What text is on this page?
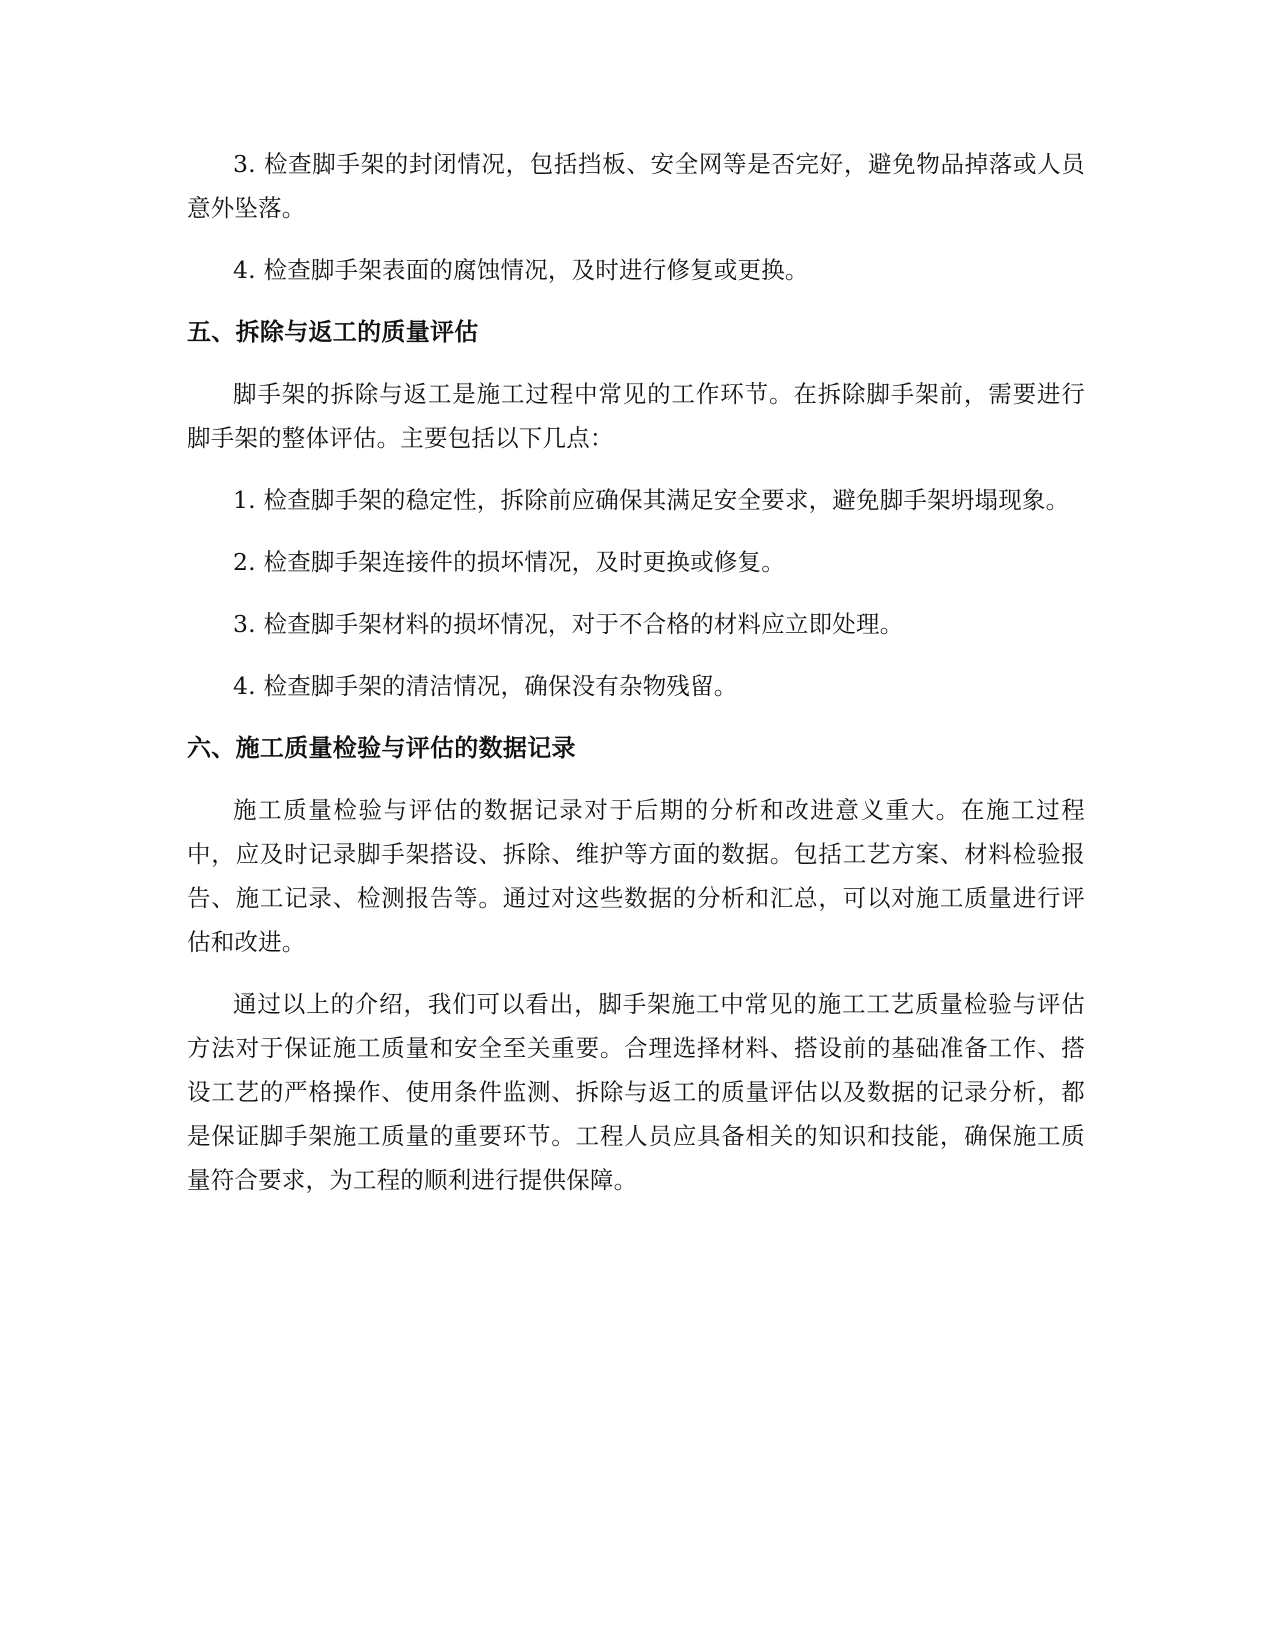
3. 检查脚手架的封闭情况，包括挡板、安全网等是否完好，避免物品掉落或人员意外坠落。

4. 检查脚手架表面的腐蚀情况，及时进行修复或更换。

五、拆除与返工的质量评估

脚手架的拆除与返工是施工过程中常见的工作环节。在拆除脚手架前，需要进行脚手架的整体评估。主要包括以下几点：

1. 检查脚手架的稳定性，拆除前应确保其满足安全要求，避免脚手架坍塌现象。

2. 检查脚手架连接件的损坏情况，及时更换或修复。

3. 检查脚手架材料的损坏情况，对于不合格的材料应立即处理。

4. 检查脚手架的清洁情况，确保没有杂物残留。

六、施工质量检验与评估的数据记录

施工质量检验与评估的数据记录对于后期的分析和改进意义重大。在施工过程中，应及时记录脚手架搭设、拆除、维护等方面的数据。包括工艺方案、材料检验报告、施工记录、检测报告等。通过对这些数据的分析和汇总，可以对施工质量进行评估和改进。

通过以上的介绍，我们可以看出，脚手架施工中常见的施工工艺质量检验与评估方法对于保证施工质量和安全至关重要。合理选择材料、搭设前的基础准备工作、搭设工艺的严格操作、使用条件监测、拆除与返工的质量评估以及数据的记录分析，都是保证脚手架施工质量的重要环节。工程人员应具备相关的知识和技能，确保施工质量符合要求，为工程的顺利进行提供保障。
